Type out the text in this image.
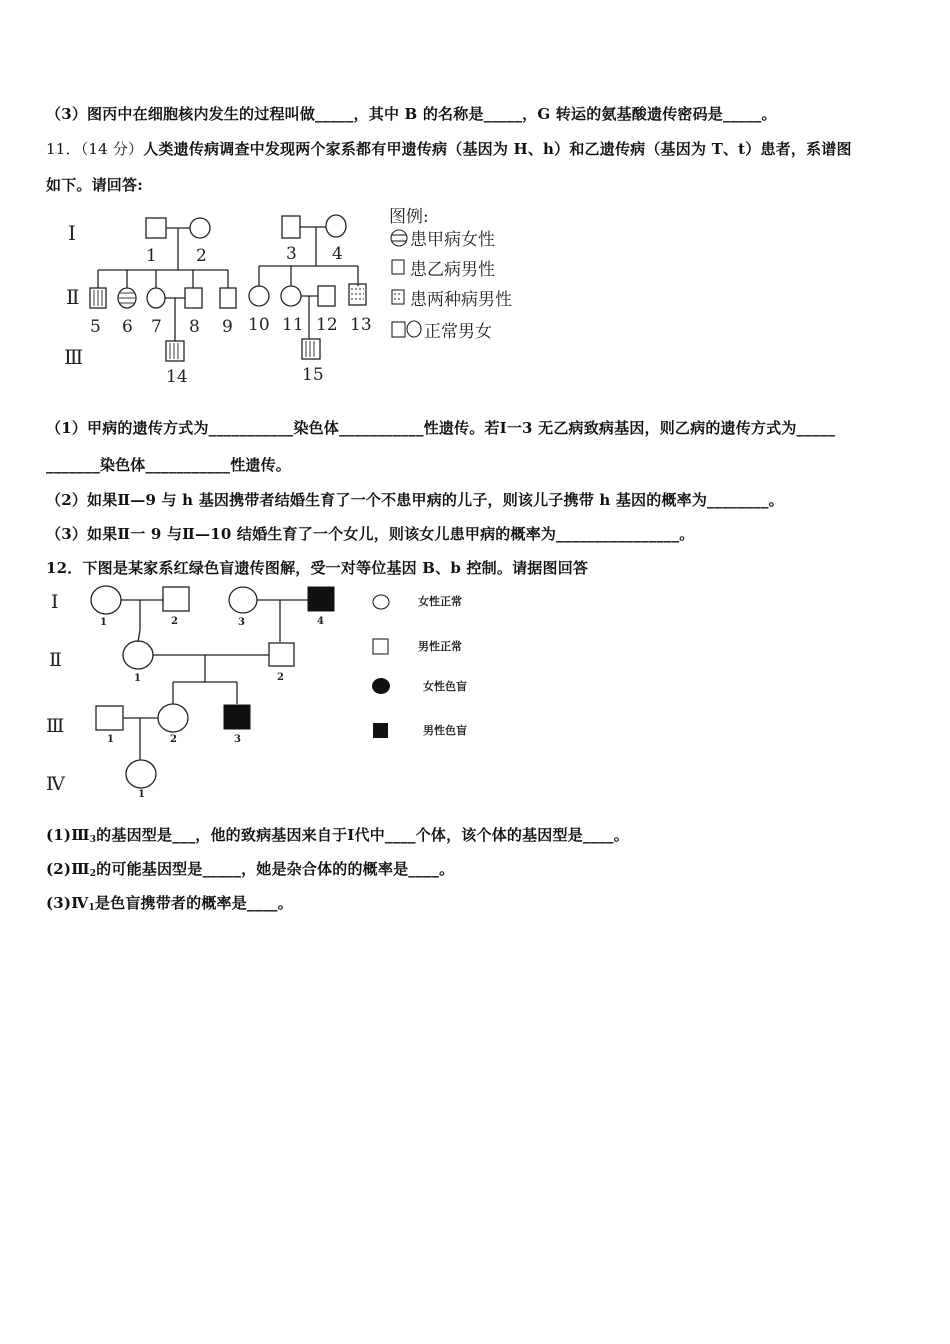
（3）图丙中在细胞核内发生的过程叫做_____，其中 B 的名称是_____，G 转运的氨基酸遗传密码是_____。
11．（14 分）人类遗传病调查中发现两个家系都有甲遗传病（基因为 H、h）和乙遗传病（基因为 T、t）患者，系谱图
如下。请回答:
Ⅰ
Ⅱ
Ⅲ
1 2	3 4
5 6 7 8 9 10 11 12 13
14	15
图例:
患甲病女性
患乙病男性
患两种病男性
正常男女
（1）甲病的遗传方式为___________染色体___________性遗传。若Ⅰ一3 无乙病致病基因，则乙病的遗传方式为_____
_______染色体___________性遗传。
（2）如果Ⅱ—9 与 h 基因携带者结婚生育了一个不患甲病的儿子，则该儿子携带 h 基因的概率为________。
（3）如果Ⅱ一 9 与Ⅱ—10 结婚生育了一个女儿，则该女儿患甲病的概率为________________。
12．下图是某家系红绿色盲遗传图解，受一对等位基因 B、b 控制。请据图回答
Ⅰ
Ⅱ
Ⅲ
Ⅳ
1	2	3	4
1	2
1	2	3
1
女性正常
男性正常
女性色盲
男性色盲
$(1)Ⅲ_3$的基因型是___，他的致病基因来自于Ⅰ代中____个体，该个体的基因型是____。
$(2)Ⅲ_2$的可能基因型是_____，她是杂合体的的概率是____。
$(3)Ⅳ_1$是色盲携带者的概率是____。
